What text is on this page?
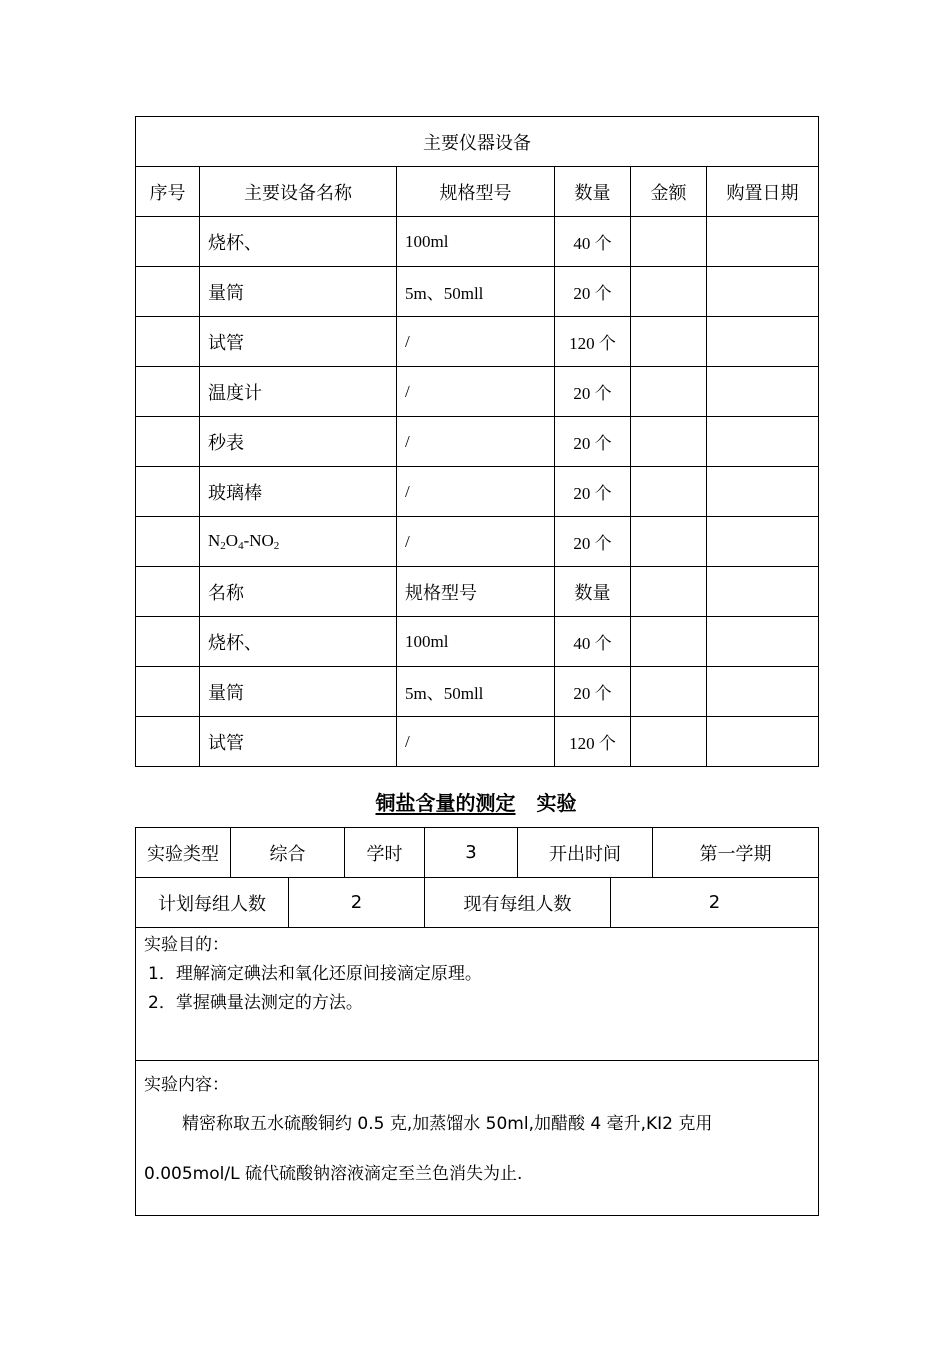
主要仪器设备					
序号	主要设备名称	规格型号	数量	金额	购置日期
	烧杯、	100ml	40 个		
	量筒	5m、50mll	20 个		
	试管	/	120 个		
	温度计	/	20 个		
	秒表	/	20 个		
	玻璃棒	/	20 个		
	$N_2O_4-NO_2$	/	20 个		
	名称	规格型号	数量		
	烧杯、	100ml	40 个		
	量筒	5m、50mll	20 个		
	试管	/	120 个		
铜盐含量的测定 实验
实验类型	综合		学时	3	开出时间		第一学期
计划每组人数		2		现有每组人数		2	

实验目的：
1．理解滴定碘法和氧化还原间接滴定原理。
2．掌握碘量法测定的方法。							

实验内容：
精密称取五水硫酸铜约 0.5 克,加蒸馏水 50ml,加醋酸 4 毫升,KI2 克用
0.005mol/L 硫代硫酸钠溶液滴定至兰色消失为止.							
